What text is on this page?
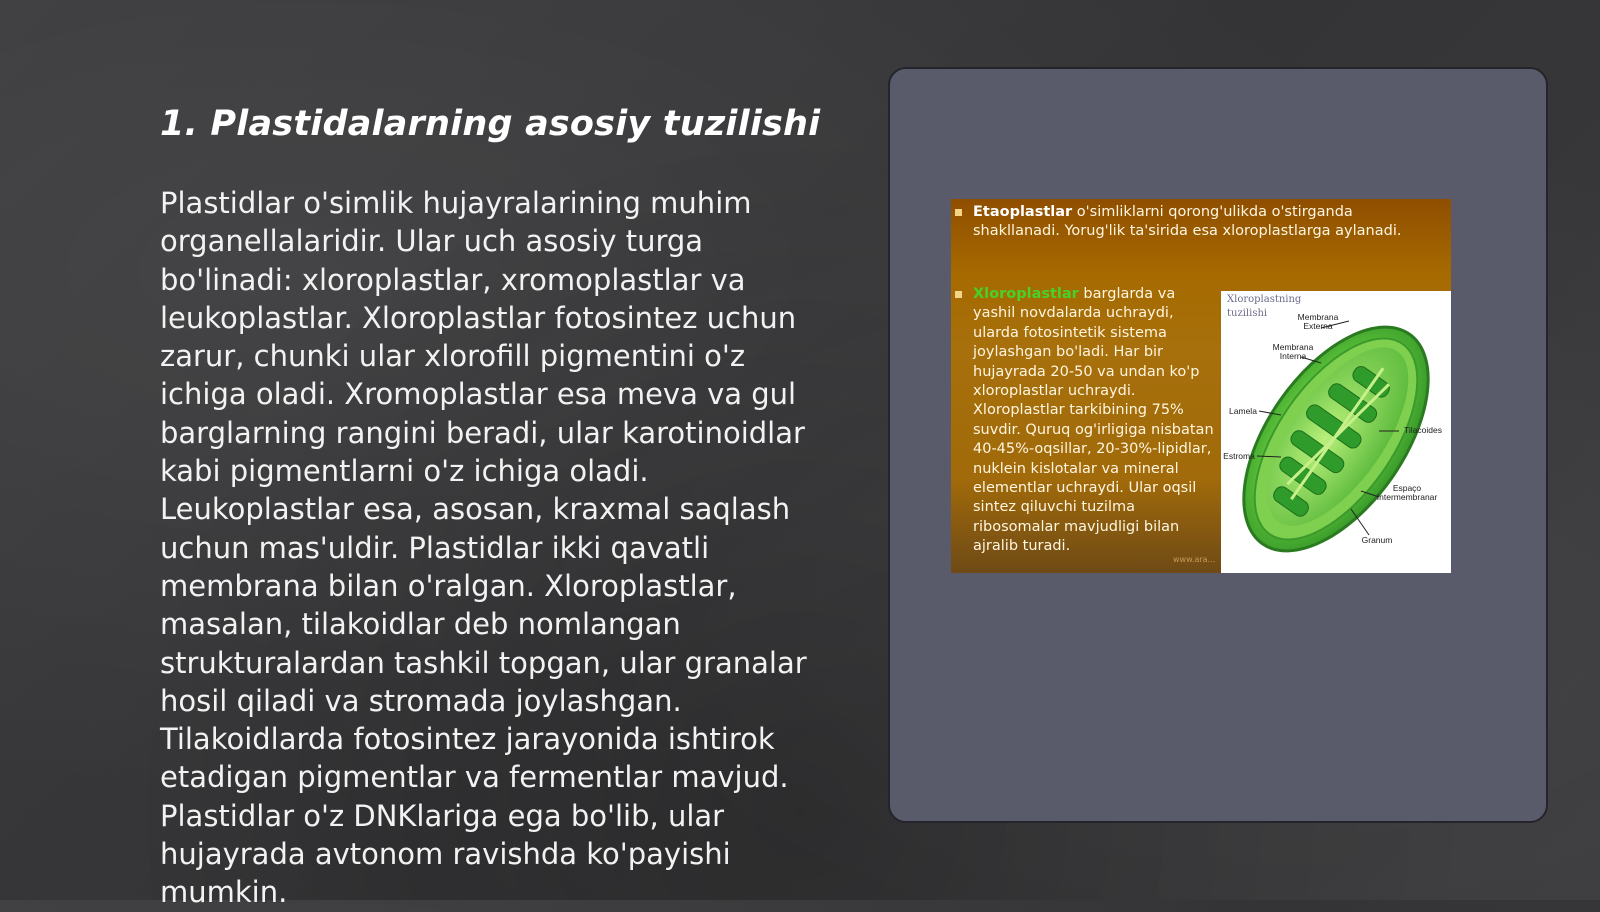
1. Plastidalarning asosiy tuzilishi

Plastidlar o'simlik hujayralarining muhim organellalaridir. Ular uch asosiy turga bo'linadi: xloroplastlar, xromoplastlar va leukoplastlar. Xloroplastlar fotosintez uchun zarur, chunki ular xlorofill pigmentini o'z ichiga oladi. Xromoplastlar esa meva va gul barglarning rangini beradi, ular karotinoidlar kabi pigmentlarni o'z ichiga oladi. Leukoplastlar esa, asosan, kraxmal saqlash uchun mas'uldir. Plastidlar ikki qavatli membrana bilan o'ralgan. Xloroplastlar, masalan, tilakoidlar deb nomlangan strukturalardan tashkil topgan, ular granalar hosil qiladi va stromada joylashgan. Tilakoidlarda fotosintez jarayonida ishtirok etadigan pigmentlar va fermentlar mavjud. Plastidlar o'z DNKlariga ega bo'lib, ular hujayrada avtonom ravishda ko'payishi mumkin.

Etaoplastlar o'simliklarni qorong'ulikda o'stirganda shakllanadi. Yorug'lik ta'sirida esa xloroplastlarga aylanadi.
Xloroplastlar barglarda va yashil novdalarda uchraydi, ularda fotosintetik sistema joylashgan bo'ladi. Har bir hujayrada 20-50 va undan ko'p xloroplastlar uchraydi. Xloroplastlar tarkibining 75% suvdir. Quruq og'irligiga nisbatan 40-45%-oqsillar, 20-30%-lipidlar, nuklein kislotalar va mineral elementlar uchraydi. Ular oqsil sintez qiluvchi tuzilma ribosomalar mavjudligi bilan ajralib turadi.
www.ara...
Xloroplastning tuzilishi	Membrana Externa
Membrana Interna
Lamela
Estroma
Tilacoides
Espaço Intermembranar
Granum
